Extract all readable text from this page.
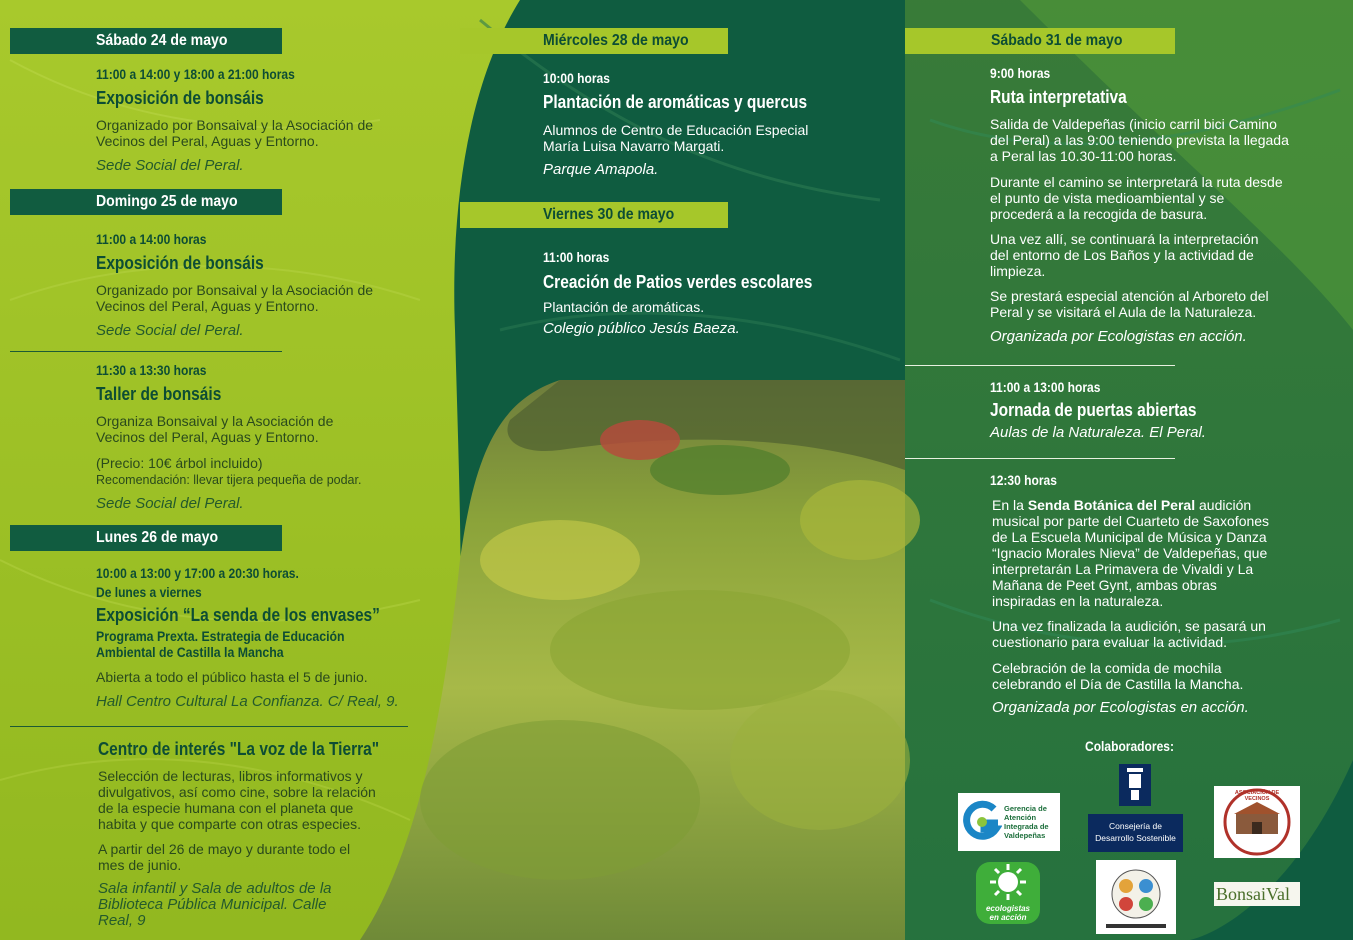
Sábado 24 de mayo
11:00 a 14:00 y 18:00 a 21:00 horas
Exposición de bonsáis
Organizado por Bonsaival y la Asociación de Vecinos del Peral, Aguas y Entorno.
Sede Social del Peral.
Domingo 25 de mayo
11:00 a 14:00 horas
Exposición de bonsáis
Organizado por Bonsaival y la Asociación de Vecinos del Peral, Aguas y Entorno.
Sede Social del Peral.
11:30 a 13:30 horas
Taller de bonsáis
Organiza Bonsaival y la Asociación de Vecinos del Peral, Aguas y Entorno.
(Precio: 10€ árbol incluido)
Recomendación: llevar tijera pequeña de podar.
Sede Social del Peral.
Lunes 26 de mayo
10:00 a 13:00 y 17:00 a 20:30 horas.
De lunes a viernes
Exposición “La senda de los envases”
Programa Prexta. Estrategia de Educación
Ambiental de Castilla la Mancha
Abierta a todo el público hasta el 5 de junio.
Hall Centro Cultural La Confianza. C/ Real, 9.
Centro de interés "La voz de la Tierra"
Selección de lecturas, libros informativos y divulgativos, así como cine, sobre la relación de la especie humana con el planeta que habita y que comparte con otras especies.
A partir del 26 de mayo y durante todo el mes de junio.
Sala infantil y Sala de adultos de la Biblioteca Pública Municipal. Calle Real, 9
Miércoles 28 de mayo
10:00 horas
Plantación de aromáticas y quercus
Alumnos de Centro de Educación Especial María Luisa Navarro Margati.
Parque Amapola.
Viernes 30 de mayo
11:00 horas
Creación de Patios verdes escolares
Plantación de aromáticas.
Colegio público Jesús Baeza.
Sábado 31 de mayo
9:00 horas
Ruta interpretativa
Salida de Valdepeñas (inicio carril bici Camino del Peral) a las 9:00 teniendo prevista la llegada a Peral las 10.30-11:00 horas.
Durante el camino se interpretará la ruta desde el punto de vista medioambiental y se procederá a la recogida de basura.
Una vez allí, se continuará la interpretación del entorno de Los Baños y la actividad de limpieza.
Se prestará especial atención al Arboreto del Peral y se visitará el Aula de la Naturaleza.
Organizada por Ecologistas en acción.
11:00 a 13:00 horas
Jornada de puertas abiertas
Aulas de la Naturaleza. El Peral.
12:30 horas
En la Senda Botánica del Peral audición musical por parte del Cuarteto de Saxofones de La Escuela Municipal de Música y Danza “Ignacio Morales Nieva” de Valdepeñas, que interpretarán La Primavera de Vivaldi y La Mañana de Peet Gynt, ambas obras inspiradas en la naturaleza.
Una vez finalizada la audición, se pasará un cuestionario para evaluar la actividad.
Celebración de la comida de mochila celebrando el Día de Castilla la Mancha.
Organizada por Ecologistas en acción.
Colaboradores:
Gerencia de Atención Integrada de Valdepeñas
Consejería de
Desarrollo Sostenible
ASOCIACIÓN DE VECINOS
ecologistas
en acción
BonsaiVal
